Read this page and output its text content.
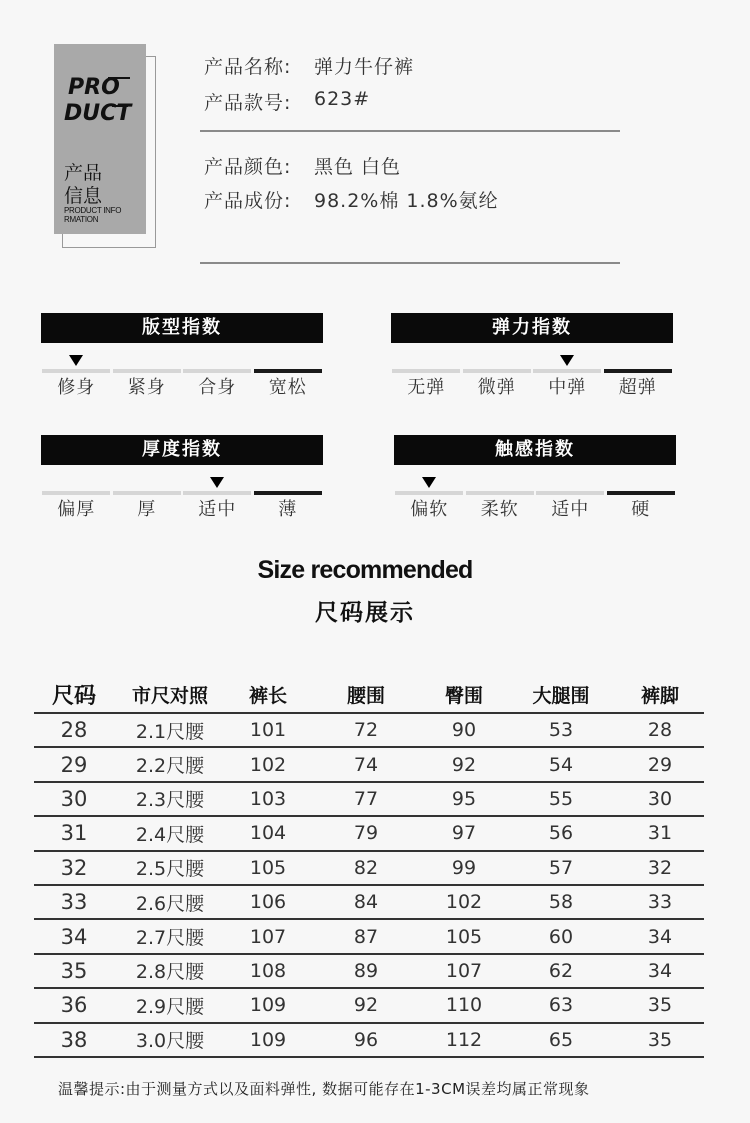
PRO
DUCT
产品
信息
PRODUCT INFO
RMATION
产品名称:	弹力牛仔裤
产品款号:	623#
产品颜色:	黑色 白色
产品成份:	98.2%棉 1.8%氨纶
版型指数
修身	紧身	合身	宽松
弹力指数
无弹	微弹	中弹	超弹
厚度指数
偏厚	厚	适中	薄
触感指数
偏软	柔软	适中	硬
Size recommended
尺码展示
尺码	市尺对照	裤长	腰围	臀围	大腿围	裤脚
28	2.1尺腰	101	72	90	53	28
29	2.2尺腰	102	74	92	54	29
30	2.3尺腰	103	77	95	55	30
31	2.4尺腰	104	79	97	56	31
32	2.5尺腰	105	82	99	57	32
33	2.6尺腰	106	84	102	58	33
34	2.7尺腰	107	87	105	60	34
35	2.8尺腰	108	89	107	62	34
36	2.9尺腰	109	92	110	63	35
38	3.0尺腰	109	96	112	65	35
温馨提示:由于测量方式以及面料弹性, 数据可能存在1-3CM误差均属正常现象
